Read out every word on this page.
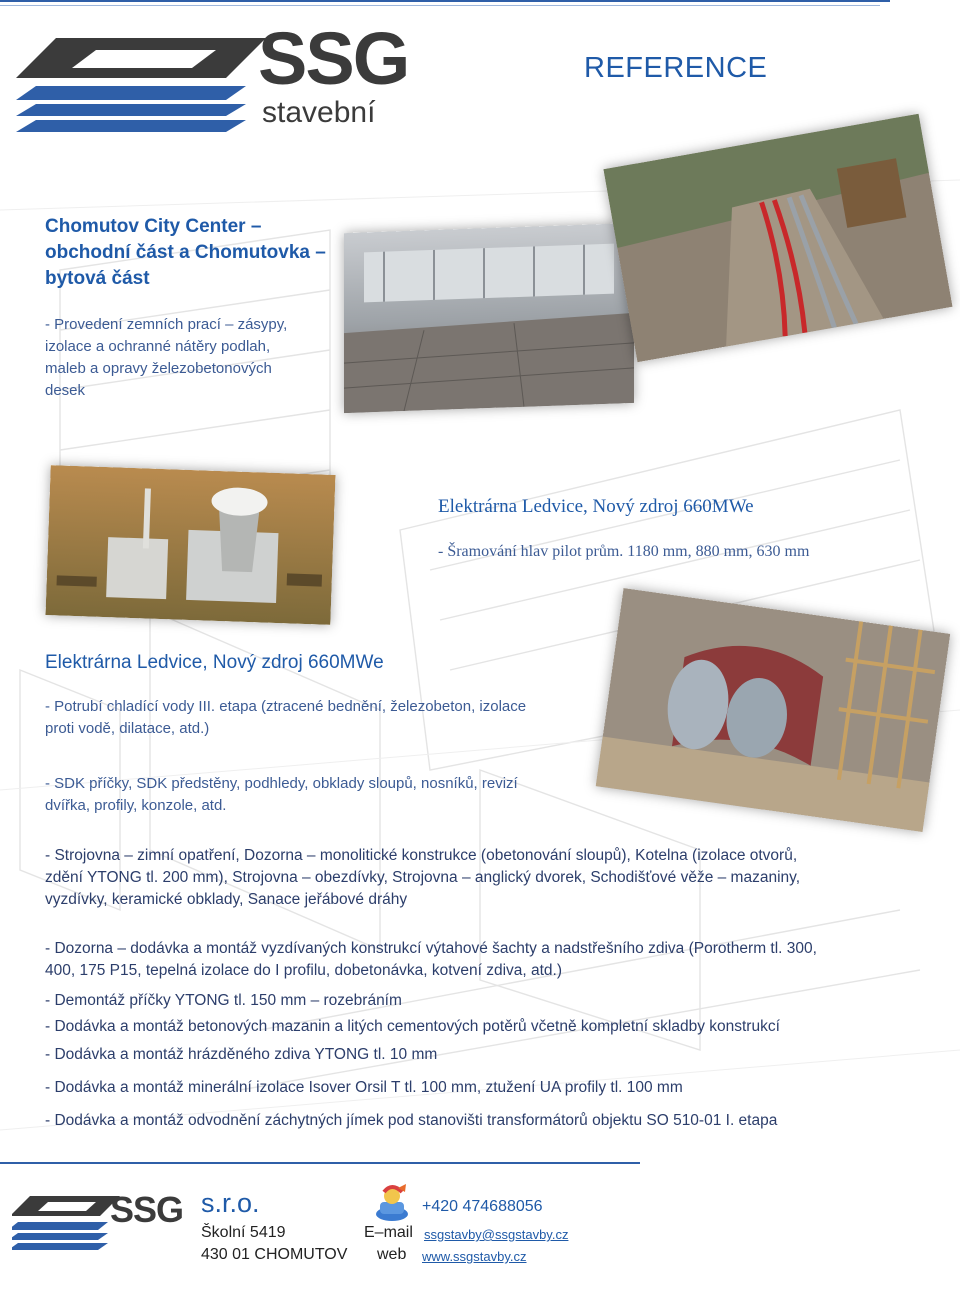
SSG
stavební
REFERENCE
Chomutov City Center –
obchodní část a Chomutovka –
bytová část
- Provedení zemních prací – zásypy,
izolace a ochranné nátěry podlah,
maleb a opravy železobetonových
desek
Elektrárna Ledvice, Nový zdroj 660MWe
- Šramování hlav pilot prům. 1180 mm, 880 mm, 630 mm
Elektrárna Ledvice, Nový zdroj 660MWe
- Potrubí chladící vody III. etapa (ztracené bednění, železobeton, izolace
proti vodě, dilatace, atd.)
- SDK příčky, SDK předstěny, podhledy, obklady sloupů, nosníků, revizí
dvířka, profily, konzole, atd.
- Strojovna – zimní opatření, Dozorna – monolitické konstrukce (obetonování sloupů), Kotelna (izolace otvorů,
zdění YTONG tl. 200 mm), Strojovna – obezdívky, Strojovna – anglický dvorek, Schodišťové věže – mazaniny,
vyzdívky, keramické obklady, Sanace jeřábové dráhy
- Dozorna – dodávka a montáž vyzdívaných konstrukcí výtahové šachty a nadstřešního zdiva (Porotherm tl. 300,
400, 175 P15, tepelná izolace do I profilu, dobetonávka, kotvení zdiva, atd.)
- Demontáž příčky YTONG tl. 150 mm – rozebráním
- Dodávka a montáž betonových mazanin a litých cementových potěrů včetně kompletní skladby konstrukcí
- Dodávka a montáž hrázděného zdiva YTONG tl. 10 mm
- Dodávka a montáž minerální izolace Isover Orsil T tl. 100 mm, ztužení UA profily tl. 100 mm
- Dodávka a montáž odvodnění záchytných jímek pod stanovišti transformátorů objektu SO 510-01 I. etapa
SSG s.r.o.
Školní 5419
430 01 CHOMUTOV
+420 474688056
E–mail ssgstavby@ssgstavby.cz
web www.ssgstavby.cz
